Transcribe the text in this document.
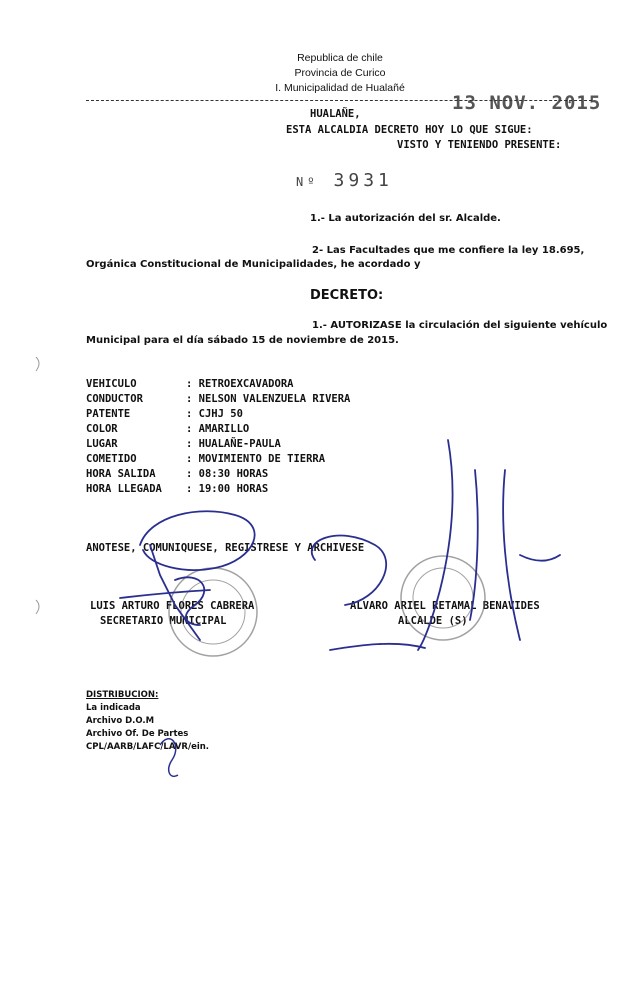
Republica de chile
Provincia de Curico
I. Municipalidad de Hualañé
13 NOV. 2015
HUALAÑE,
ESTA ALCALDIA DECRETO HOY LO QUE SIGUE:
VISTO Y TENIENDO PRESENTE:
Nº 3931
1.- La autorización del sr. Alcalde.
2- Las Facultades que me confiere la ley 18.695,
Orgánica Constitucional de Municipalidades, he acordado y
DECRETO:
1.- AUTORIZASE la circulación del siguiente vehículo
Municipal para el día sábado 15 de noviembre de 2015.
VEHICULO	: RETROEXCAVADORA
CONDUCTOR	: NELSON VALENZUELA RIVERA
PATENTE	: CJHJ 50
COLOR	: AMARILLO
LUGAR	: HUALAÑE-PAULA
COMETIDO	: MOVIMIENTO DE TIERRA
HORA SALIDA	: 08:30 HORAS
HORA LLEGADA	: 19:00 HORAS
ANOTESE, COMUNIQUESE, REGISTRESE Y ARCHIVESE
LUIS ARTURO FLORES CABRERA
SECRETARIO MUNICIPAL
ALVARO ARIEL RETAMAL BENAVIDES
ALCALDE (S)
DISTRIBUCION:
La indicada
Archivo D.O.M
Archivo Of. De Partes
CPL/AARB/LAFC/LAVR/ein.
